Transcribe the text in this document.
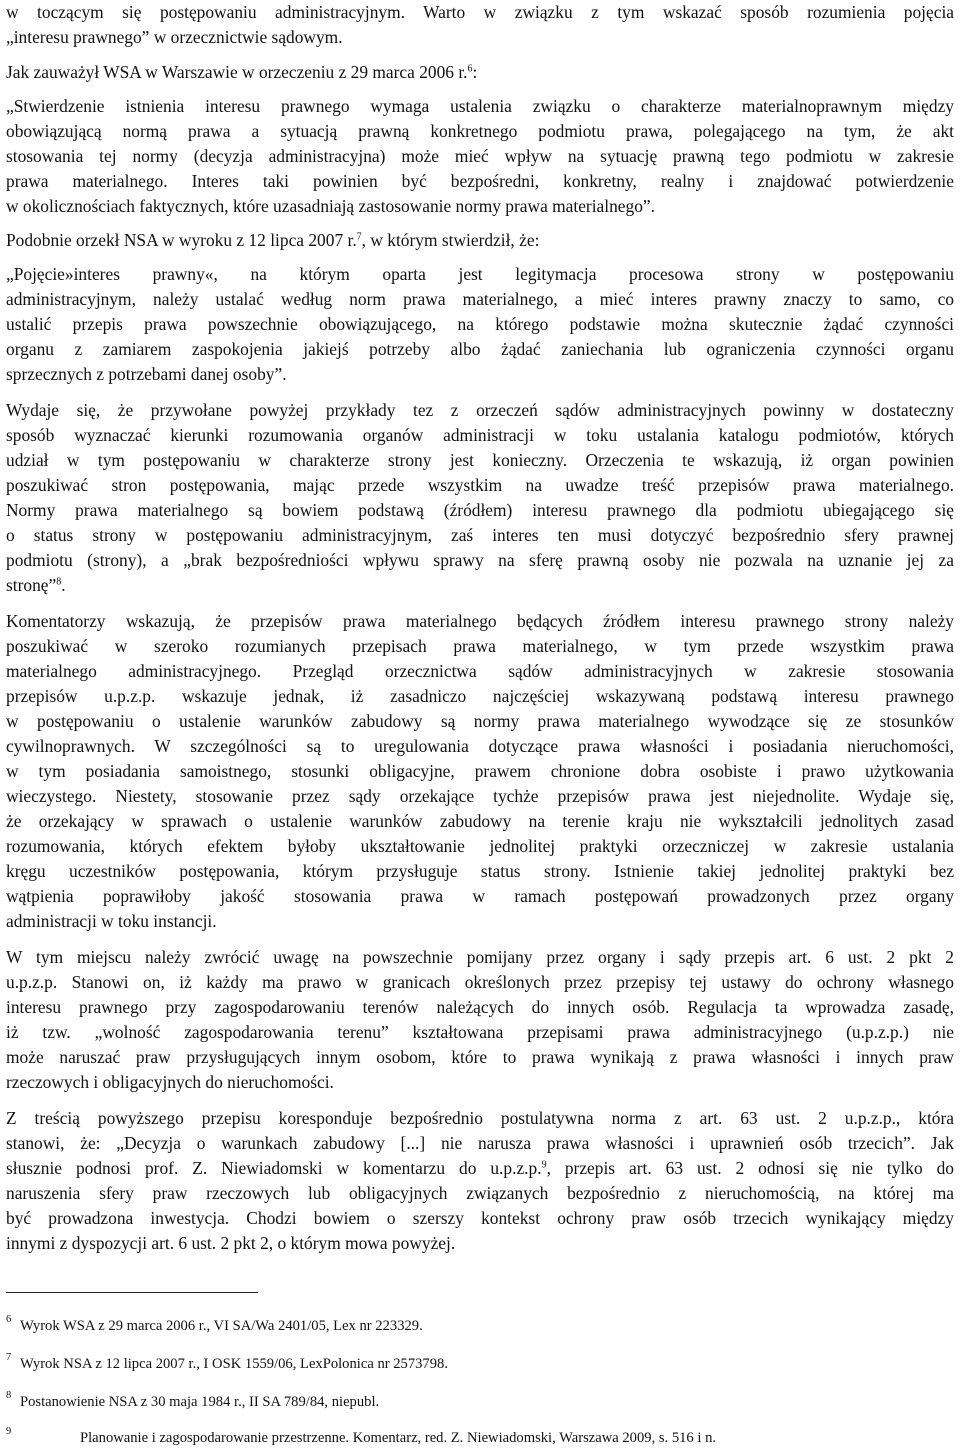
w toczącym się postępowaniu administracyjnym. Warto w związku z tym wskazać sposób rozumienia pojęcia
„interesu prawnego” w orzecznictwie sądowym.
Jak zauważył WSA w Warszawie w orzeczeniu z 29 marca 2006 r.$^6$:
„Stwierdzenie istnienia interesu prawnego wymaga ustalenia związku o charakterze materialnoprawnym między
obowiązującą normą prawa a sytuacją prawną konkretnego podmiotu prawa, polegającego na tym, że akt
stosowania tej normy (decyzja administracyjna) może mieć wpływ na sytuację prawną tego podmiotu w zakresie
prawa materialnego. Interes taki powinien być bezpośredni, konkretny, realny i znajdować potwierdzenie
w okolicznościach faktycznych, które uzasadniają zastosowanie normy prawa materialnego”.
Podobnie orzekł NSA w wyroku z 12 lipca 2007 r.$^7$, w którym stwierdził, że:
„Pojęcie»interes prawny«, na którym oparta jest legitymacja procesowa strony w postępowaniu
administracyjnym, należy ustalać według norm prawa materialnego, a mieć interes prawny znaczy to samo, co
ustalić przepis prawa powszechnie obowiązującego, na którego podstawie można skutecznie żądać czynności
organu z zamiarem zaspokojenia jakiejś potrzeby albo żądać zaniechania lub ograniczenia czynności organu
sprzecznych z potrzebami danej osoby”.
Wydaje się, że przywołane powyżej przykłady tez z orzeczeń sądów administracyjnych powinny w dostateczny
sposób wyznaczać kierunki rozumowania organów administracji w toku ustalania katalogu podmiotów, których
udział w tym postępowaniu w charakterze strony jest konieczny. Orzeczenia te wskazują, iż organ powinien
poszukiwać stron postępowania, mając przede wszystkim na uwadze treść przepisów prawa materialnego.
Normy prawa materialnego są bowiem podstawą (źródłem) interesu prawnego dla podmiotu ubiegającego się
o status strony w postępowaniu administracyjnym, zaś interes ten musi dotyczyć bezpośrednio sfery prawnej
podmiotu (strony), a „brak bezpośredniości wpływu sprawy na sferę prawną osoby nie pozwala na uznanie jej za
stronę”$^8$.
Komentatorzy wskazują, że przepisów prawa materialnego będących źródłem interesu prawnego strony należy
poszukiwać w szeroko rozumianych przepisach prawa materialnego, w tym przede wszystkim prawa
materialnego administracyjnego. Przegląd orzecznictwa sądów administracyjnych w zakresie stosowania
przepisów u.p.z.p. wskazuje jednak, iż zasadniczo najczęściej wskazywaną podstawą interesu prawnego
w postępowaniu o ustalenie warunków zabudowy są normy prawa materialnego wywodzące się ze stosunków
cywilnoprawnych. W szczególności są to uregulowania dotyczące prawa własności i posiadania nieruchomości,
w tym posiadania samoistnego, stosunki obligacyjne, prawem chronione dobra osobiste i prawo użytkowania
wieczystego. Niestety, stosowanie przez sądy orzekające tychże przepisów prawa jest niejednolite. Wydaje się,
że orzekający w sprawach o ustalenie warunków zabudowy na terenie kraju nie wykształcili jednolitych zasad
rozumowania, których efektem byłoby ukształtowanie jednolitej praktyki orzeczniczej w zakresie ustalania
kręgu uczestników postępowania, którym przysługuje status strony. Istnienie takiej jednolitej praktyki bez
wątpienia poprawiłoby jakość stosowania prawa w ramach postępowań prowadzonych przez organy
administracji w toku instancji.
W tym miejscu należy zwrócić uwagę na powszechnie pomijany przez organy i sądy przepis art. 6 ust. 2 pkt 2
u.p.z.p. Stanowi on, iż każdy ma prawo w granicach określonych przez przepisy tej ustawy do ochrony własnego
interesu prawnego przy zagospodarowaniu terenów należących do innych osób. Regulacja ta wprowadza zasadę,
iż tzw. „wolność zagospodarowania terenu” kształtowana przepisami prawa administracyjnego (u.p.z.p.) nie
może naruszać praw przysługujących innym osobom, które to prawa wynikają z prawa własności i innych praw
rzeczowych i obligacyjnych do nieruchomości.
Z treścią powyższego przepisu koresponduje bezpośrednio postulatywna norma z art. 63 ust. 2 u.p.z.p., która
stanowi, że: „Decyzja o warunkach zabudowy [...] nie narusza prawa własności i uprawnień osób trzecich”. Jak
słusznie podnosi prof. Z. Niewiadomski w komentarzu do u.p.z.p.$^9$, przepis art. 63 ust. 2 odnosi się nie tylko do
naruszenia sfery praw rzeczowych lub obligacyjnych związanych bezpośrednio z nieruchomością, na której ma
być prowadzona inwestycja. Chodzi bowiem o szerszy kontekst ochrony praw osób trzecich wynikający między
innymi z dyspozycji art. 6 ust. 2 pkt 2, o którym mowa powyżej.
6 Wyrok WSA z 29 marca 2006 r., VI SA/Wa 2401/05, Lex nr 223329.
7 Wyrok NSA z 12 lipca 2007 r., I OSK 1559/06, LexPolonica nr 2573798.
8 Postanowienie NSA z 30 maja 1984 r., II SA 789/84, niepubl.
9	Planowanie i zagospodarowanie przestrzenne. Komentarz, red. Z. Niewiadomski, Warszawa 2009, s. 516 i n.
